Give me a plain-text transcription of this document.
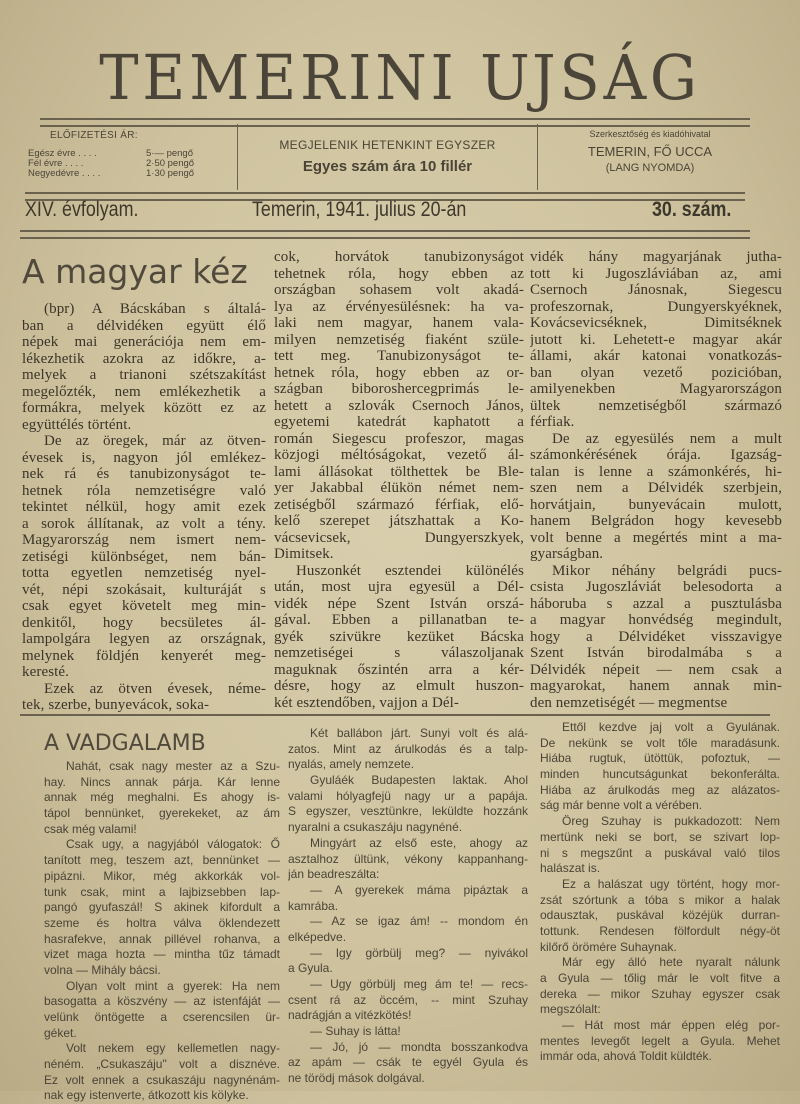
TEMERINI UJSÁG
ELŐFIZETÉSI ÁR:
Egész évre . . . .	5·— pengő
Fél évre . . . .	2·50 pengő
Negyedévre . . . .	1·30 pengő
MEGJELENIK HETENKINT EGYSZER
Egyes szám ára 10 fillér
Szerkesztőség és kiadóhivatal
TEMERIN, FŐ UCCA
(LANG NYOMDA)
XIV. évfolyam.	Temerin, 1941. julius 20-án	30. szám.
A magyar kéz
(bpr) A Bácskában s általá-
ban a délvidéken együtt élő
népek mai generációja nem em-
lékezhetik azokra az időkre, a-
melyek a trianoni szétszakítást
megelőzték, nem emlékezhetik a
formákra, melyek között ez az
együttélés történt.
De az öregek, már az ötven-
évesek is, nagyon jól emlékez-
nek rá és tanubizonyságot te-
hetnek róla nemzetiségre való
tekintet nélkül, hogy amit ezek
a sorok állítanak, az volt a tény.
Magyarország nem ismert nem-
zetiségi különbséget, nem bán-
totta egyetlen nemzetiség nyel-
vét, népi szokásait, kulturáját s
csak egyet követelt meg min-
denkitől, hogy becsületes ál-
lampolgára legyen az országnak,
melynek földjén kenyerét meg-
keresté.
Ezek az ötven évesek, néme-
tek, szerbe, bunyevácok, soka-
cok, horvátok tanubizonyságot
tehetnek róla, hogy ebben az
országban sohasem volt akadá-
lya az érvényesülésnek: ha va-
laki nem magyar, hanem vala-
milyen nemzetiség fiaként szüle-
tett meg. Tanubizonyságot te-
hetnek róla, hogy ebben az or-
szágban biboroshercegprimás le-
hetett a szlovák Csernoch János,
egyetemi katedrát kaphatott a
román Siegescu profeszor, magas
közjogi méltóságokat, vezető ál-
lami állásokat tölthettek be Ble-
yer Jakabbal élükön német nem-
zetiségből származó férfiak, elő-
kelő szerepet játszhattak a Ko-
vácsevicsek, Dungyerszkyek,
Dimitsek.
Huszonkét esztendei különélés
után, most ujra egyesül a Dél-
vidék népe Szent István orszá-
gával. Ebben a pillanatban te-
gyék szivükre kezüket Bácska
nemzetiségei s válaszoljanak
maguknak őszintén arra a kér-
désre, hogy az elmult huszon-
két esztendőben, vajjon a Dél-
vidék hány magyarjának jutha-
tott ki Jugoszláviában az, ami
Csernoch Jánosnak, Siegescu
profeszornak, Dungyerskyéknek,
Kovácsevicséknek, Dimitséknek
jutott ki. Lehetett-e magyar akár
állami, akár katonai vonatkozás-
ban olyan vezető pozicióban,
amilyenekben Magyarországon
ültek nemzetiségből származó
férfiak.
De az egyesülés nem a mult
számonkérésének órája. Igazság-
talan is lenne a számonkérés, hi-
szen nem a Délvidék szerbjein,
horvátjain, bunyevácain mulott,
hanem Belgrádon hogy kevesebb
volt benne a megértés mint a ma-
gyarságban.
Mikor néhány belgrádi pucs-
csista Jugoszláviát belesodorta a
háboruba s azzal a pusztulásba
a magyar honvédség megindult,
hogy a Délvidéket visszavigye
Szent István birodalmába s a
Délvidék népeit — nem csak a
magyarokat, hanem annak min-
den nemzetiségét — megmentse
A VADGALAMB
Nahát, csak nagy mester az a Szu-
hay. Nincs annak párja. Kár lenne
annak még meghalni. Es ahogy is-
tápol bennünket, gyerekeket, az ám
csak még valami!
Csak ugy, a nagyjából válogatok: Ő
tanított meg, teszem azt, bennünket —
pipázni. Mikor, még akkorkák vol-
tunk csak, mint a lajbizsebben lap-
pangó gyufaszál! S akinek kifordult a
szeme és holtra válva öklendezett
hasrafekve, annak pillével rohanva, a
vizet maga hozta — mintha tűz támadt
volna — Mihály bácsi.
Olyan volt mint a gyerek: Ha nem
basogatta a köszvény — az istenfáját —
velünk öntögette a cserencsilen ür-
géket.
Volt nekem egy kellemetlen nagy-
néném. „Csukaszáju" volt a disznéve.
Ez volt ennek a csukaszáju nagynénám-
nak egy istenverte, átkozott kis kölyke.
Két ballábon járt. Sunyi volt és alá-
zatos. Mint az árulkodás és a talp-
nyalás, amely nemzete.
Gyuláék Budapesten laktak. Ahol
valami hólyagfejü nagy ur a papája.
S egyszer, vesztünkre, leküldte hozzánk
nyaralni a csukaszáju nagynéné.
Mingyárt az első este, ahogy az
asztalhoz ültünk, vékony kappanhang-
ján beadreszálta:
— A gyerekek máma pipáztak a
kamrába.
— Az se igaz ám! -- mondom én
elképedve.
— Igy görbülj meg? — nyivákol
a Gyula.
— Ugy görbülj meg ám te! — recs-
csent rá az öccém, -- mint Szuhay
nadrágján a vitézkötés!
— Suhay is látta!
— Jó, jó — mondta bosszankodva
az apám — csák te egyél Gyula és
ne törödj mások dolgával.
Ettől kezdve jaj volt a Gyulának.
De nekünk se volt tőle maradásunk.
Hiába rugtuk, ütöttük, pofoztuk, —
minden huncutságunkat bekonferálta.
Hiába az árulkodás meg az alázatos-
ság már benne volt a vérében.
Öreg Szuhay is pukkadozott: Nem
mertünk neki se bort, se szivart lop-
ni s megszűnt a puskával való tilos
halászat is.
Ez a halászat ugy történt, hogy mor-
zsát szórtunk a tóba s mikor a halak
odausztak, puskával közéjük durran-
tottunk. Rendesen fölfordult négy-öt
kilőrő örömére Suhaynak.
Már egy álló hete nyaralt nálunk
a Gyula — tőlig már le volt fitve a
dereka — mikor Szuhay egyszer csak
megszólalt:
— Hát most már éppen elég por-
mentes levegőt legelt a Gyula. Mehet
immár oda, ahová Toldit küldték.
